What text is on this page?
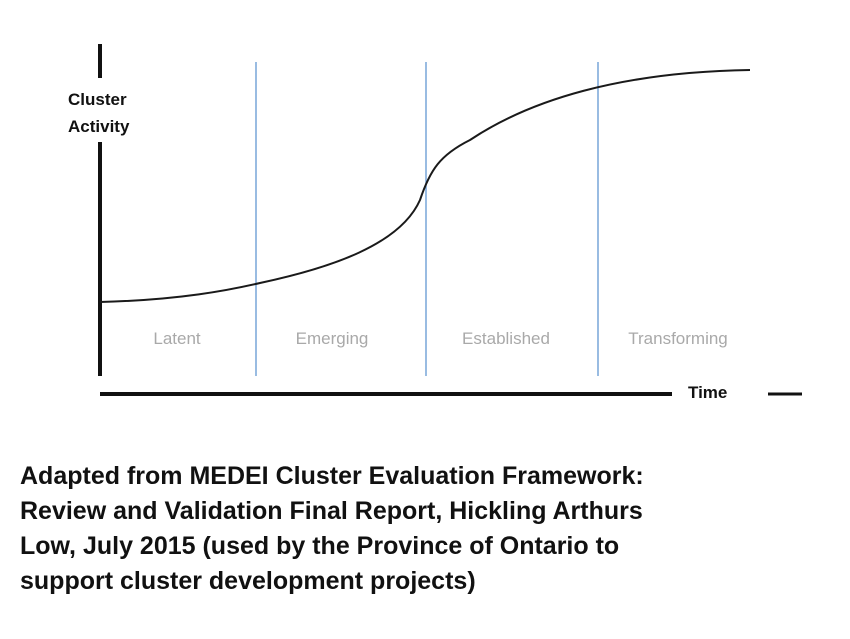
Cluster
Activity
Latent	Emerging	Established	Transforming
Time

Adapted from MEDEI Cluster Evaluation Framework:
Review and Validation Final Report, Hickling Arthurs
Low, July 2015 (used by the Province of Ontario to
support cluster development projects)
